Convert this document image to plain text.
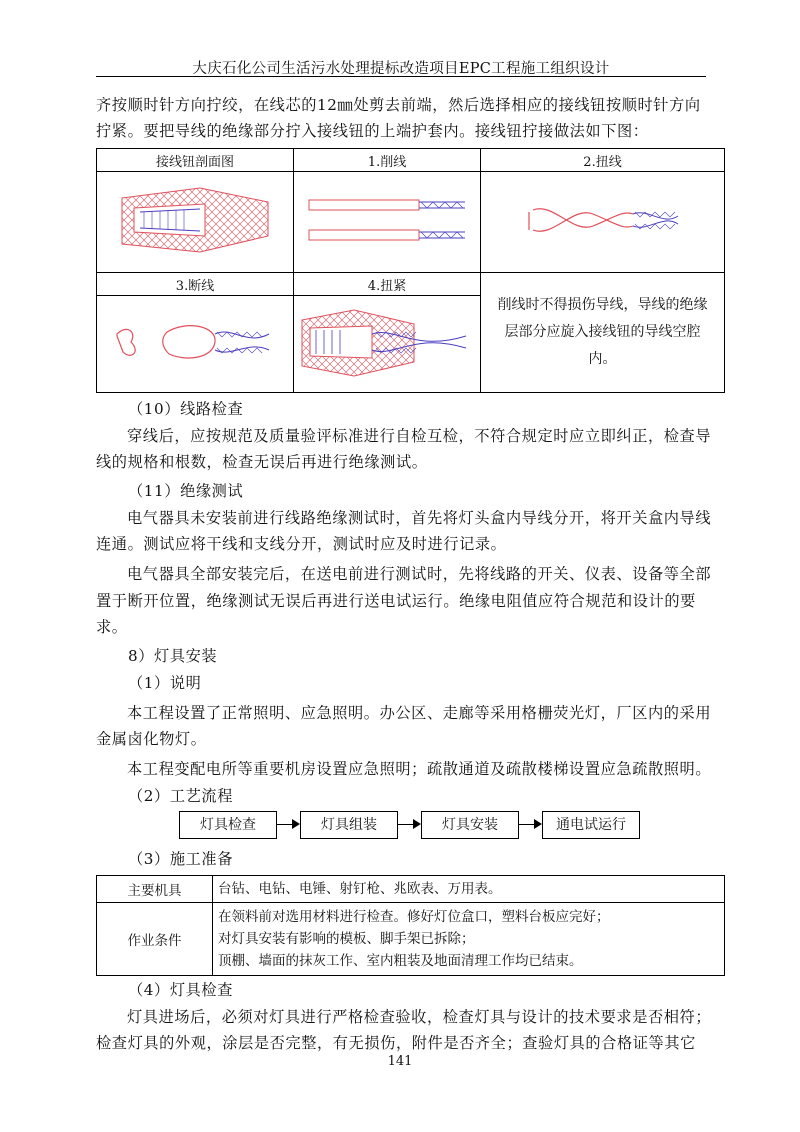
大庆石化公司生活污水处理提标改造项目EPC工程施工组织设计

齐按顺时针方向拧绞，在线芯的12㎜处剪去前端，然后选择相应的接线钮按顺时针方向

拧紧。要把导线的绝缘部分拧入接线钮的上端护套内。接线钮拧接做法如下图：

接线钮剖面图	1.削线	2.扭线

3.断线	4.扭紧	削线时不得损伤导线，导线的绝缘层部分应旋入接线钮的导线空腔内。

（10）线路检查

穿线后，应按规范及质量验评标准进行自检互检，不符合规定时应立即纠正，检查导

线的规格和根数，检查无误后再进行绝缘测试。

（11）绝缘测试

电气器具未安装前进行线路绝缘测试时，首先将灯头盒内导线分开，将开关盒内导线

连通。测试应将干线和支线分开，测试时应及时进行记录。

电气器具全部安装完后，在送电前进行测试时，先将线路的开关、仪表、设备等全部

置于断开位置，绝缘测试无误后再进行送电试运行。绝缘电阻值应符合规范和设计的要

求。

8）灯具安装

（1）说明

本工程设置了正常照明、应急照明。办公区、走廊等采用格栅荧光灯，厂区内的采用

金属卤化物灯。

本工程变配电所等重要机房设置应急照明；疏散通道及疏散楼梯设置应急疏散照明。

（2）工艺流程

灯具检查	灯具组装	灯具安装	通电试运行

（3）施工准备

主要机具	台钻、电钻、电锤、射钉枪、兆欧表、万用表。
作业条件	在领料前对选用材料进行检查。修好灯位盒口，塑料台板应完好；
对灯具安装有影响的模板、脚手架已拆除；
顶棚、墙面的抹灰工作、室内粗装及地面清理工作均已结束。

（4）灯具检查

灯具进场后，必须对灯具进行严格检查验收，检查灯具与设计的技术要求是否相符；

检查灯具的外观，涂层是否完整，有无损伤，附件是否齐全；查验灯具的合格证等其它

141
